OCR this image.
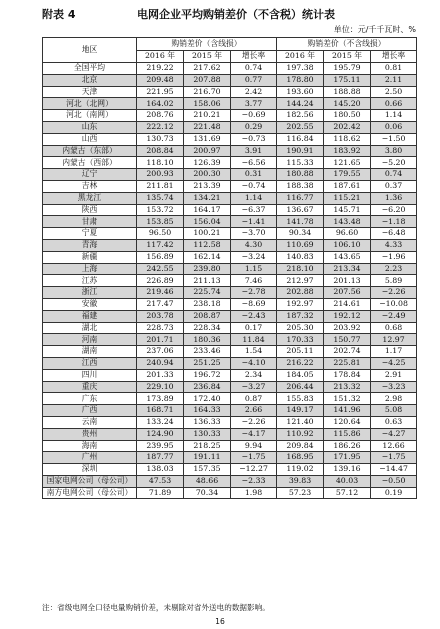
附表 4	电网企业平均购销差价（不含税）统计表
单位：元/千千瓦时、%
地区	购销差价（含线损）			购销差价（不含线损）		
	2016 年	2015 年	增长率	2016 年	2015 年	增长率
全国平均	219.22	217.62	0.74	197.38	195.79	0.81
北京	209.48	207.88	0.77	178.80	175.11	2.11
天津	221.95	216.70	2.42	193.60	188.88	2.50
河北（北网）	164.02	158.06	3.77	144.24	145.20	0.66
河北（南网）	208.76	210.21	−0.69	182.56	180.50	1.14
山东	222.12	221.48	0.29	202.55	202.42	0.06
山西	130.73	131.69	−0.73	116.84	118.62	−1.50
内蒙古（东部）	208.84	200.97	3.91	190.91	183.92	3.80
内蒙古（西部）	118.10	126.39	−6.56	115.33	121.65	−5.20
辽宁	200.93	200.30	0.31	180.88	179.55	0.74
吉林	211.81	213.39	−0.74	188.38	187.61	0.37
黑龙江	135.74	134.21	1.14	116.77	115.21	1.36
陕西	153.72	164.17	−6.37	136.67	145.71	−6.20
甘肃	153.85	156.04	−1.41	141.78	143.48	−1.18
宁夏	96.50	100.21	−3.70	90.34	96.60	−6.48
青海	117.42	112.58	4.30	110.69	106.10	4.33
新疆	156.89	162.14	−3.24	140.83	143.65	−1.96
上海	242.55	239.80	1.15	218.10	213.34	2.23
江苏	226.89	211.13	7.46	212.97	201.13	5.89
浙江	219.46	225.74	−2.78	202.88	207.56	−2.26
安徽	217.47	238.18	−8.69	192.97	214.61	−10.08
福建	203.78	208.87	−2.43	187.32	192.12	−2.49
湖北	228.73	228.34	0.17	205.30	203.92	0.68
河南	201.71	180.36	11.84	170.33	150.77	12.97
湖南	237.06	233.46	1.54	205.11	202.74	1.17
江西	240.94	251.25	−4.10	216.22	225.81	−4.25
四川	201.33	196.72	2.34	184.05	178.84	2.91
重庆	229.10	236.84	−3.27	206.44	213.32	−3.23
广东	173.89	172.40	0.87	155.83	151.32	2.98
广西	168.71	164.33	2.66	149.17	141.96	5.08
云南	133.24	136.33	−2.26	121.40	120.64	0.63
贵州	124.90	130.33	−4.17	110.92	115.86	−4.27
海南	239.95	218.25	9.94	209.84	186.26	12.66
广州	187.77	191.11	−1.75	168.95	171.95	−1.75
深圳	138.03	157.35	−12.27	119.02	139.16	−14.47
国家电网公司（母公司）	47.53	48.66	−2.33	39.83	40.03	−0.50
南方电网公司（母公司）	71.89	70.34	1.98	57.23	57.12	0.19
注：省级电网全口径电量购销价差，未剔除对省外送电的数据影响。
16
